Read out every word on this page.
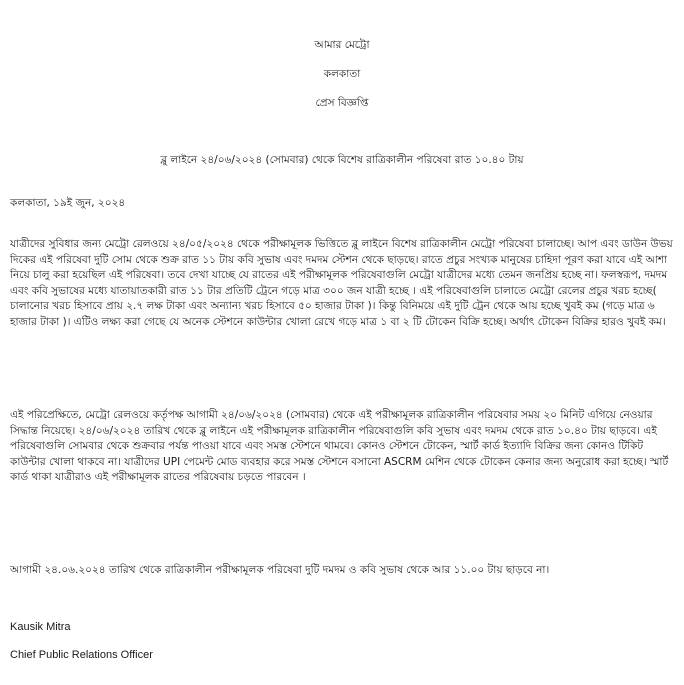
আমার মেট্রো
কলকাতা
প্রেস বিজ্ঞপ্তি
ব্লু লাইনে ২৪/০৬/২০২৪ (সোমবার) থেকে বিশেষ রাত্রিকালীন পরিষেবা রাত ১০.৪০ টায়
কলকাতা, ১৯ই জুন, ২০২৪
যাত্রীদের সুবিধার জন্য মেট্রো রেলওয়ে ২৪/০৫/২০২৪ থেকে পরীক্ষামূলক ভিত্তিতে ব্লু লাইনে বিশেষ রাত্রিকালীন মেট্রো পরিষেবা চালাচ্ছে। আপ এবং ডাউন উভয় দিকের এই পরিষেবা দুটি সোম থেকে শুক্র রাত ১১ টায় কবি সুভাষ এবং দমদম স্টেশন থেকে ছাড়ছে। রাতে প্রচুর সংখ্যক মানুষের চাহিদা পূরণ করা যাবে এই আশা নিয়ে চালু করা হয়েছিল এই পরিষেবা। তবে দেখা যাচ্ছে যে রাতের এই পরীক্ষামূলক পরিষেবাগুলি মেট্রো যাত্রীদের মধ্যে তেমন জনপ্রিয় হচ্ছে না। ফলস্বরূপ, দমদম এবং কবি সুভাষের মধ্যে যাতায়াতকারী রাত ১১ টার প্রতিটি ট্রেনে গড়ে মাত্র ৩০০ জন যাত্রী হচ্ছে । এই পরিষেবাগুলি চালাতে মেট্রো রেলের প্রচুর খরচ হচ্ছে( চালানোর খরচ হিসাবে প্রায় ২.৭ লক্ষ টাকা এবং অন্যান্য খরচ হিসাবে ৫০ হাজার টাকা )। কিন্তু বিনিময়ে এই দুটি ট্রেন থেকে আয় হচ্ছে খুবই কম (গড়ে মাত্র ৬ হাজার টাকা )। এটিও লক্ষ্য করা গেছে যে অনেক স্টেশনে কাউন্টার খোলা রেখে গড়ে মাত্র ১ বা ২ টি টোকেন বিক্রি হচ্ছে। অর্থাৎ টোকেন বিক্রির হারও খুবই কম।
এই পরিপ্রেক্ষিতে, মেট্রো রেলওয়ে কর্তৃপক্ষ আগামী ২৪/০৬/২০২৪ (সোমবার) থেকে এই পরীক্ষামূলক রাত্রিকালীন পরিষেবার সময় ২০ মিনিট এগিয়ে নেওয়ার সিদ্ধান্ত নিয়েছে। ২৪/০৬/২০২৪ তারিখ থেকে ব্লু লাইনে এই পরীক্ষামূলক রাত্রিকালীন পরিষেবাগুলি কবি সুভাষ এবং দমদম থেকে রাত ১০.৪০ টায় ছাড়বে। এই পরিষেবাগুলি সোমবার থেকে শুক্রবার পর্যন্ত পাওয়া যাবে এবং সমস্ত স্টেশনে থামবে। কোনও স্টেশনে টোকেন, স্মার্ট কার্ড ইত্যাদি বিক্রির জন্য কোনও টিকিট কাউন্টার খোলা থাকবে না। যাত্রীদের UPI পেমেন্ট মোড ব্যবহার করে সমস্ত স্টেশনে বসানো ASCRM মেশিন থেকে টোকেন কেনার জন্য অনুরোধ করা হচ্ছে। স্মার্ট কার্ড থাকা যাত্রীরাও এই পরীক্ষামূলক রাতের পরিষেবায় চড়তে পারবেন ।
আগামী ২৪.০৬.২০২৪ তারিখ থেকে রাত্রিকালীন পরীক্ষামূলক পরিষেবা দুটি দমদম ও কবি সুভাষ থেকে আর ১১.০০ টায় ছাড়বে না।
Kausik Mitra
Chief Public Relations Officer
